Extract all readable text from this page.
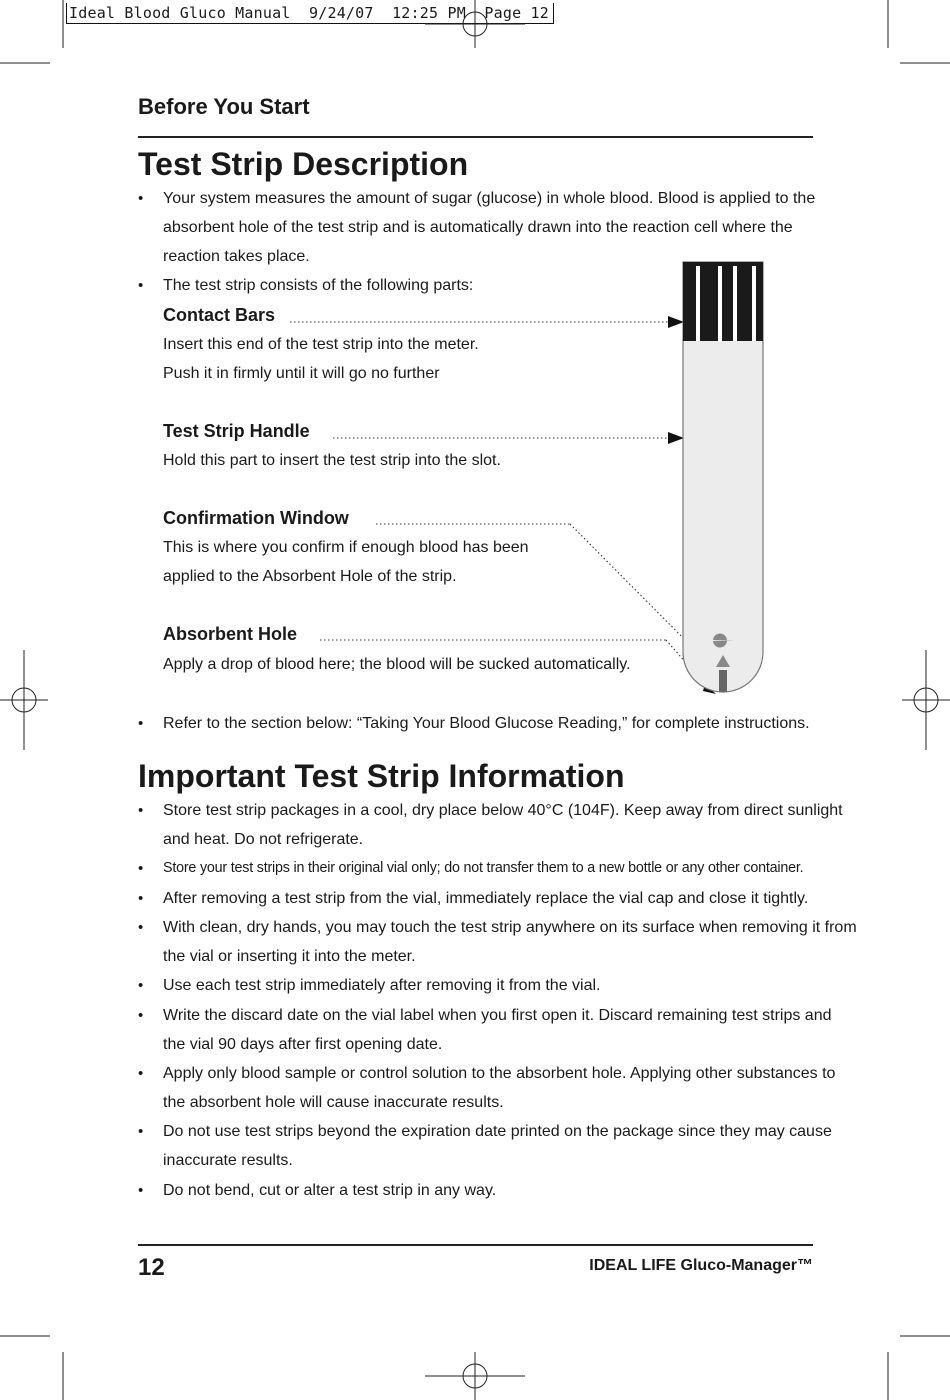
Ideal Blood Gluco Manual  9/24/07  12:25 PM  Page 12
Before You Start
Test Strip Description
• Your system measures the amount of sugar (glucose) in whole blood. Blood is applied to the
absorbent hole of the test strip and is automatically drawn into the reaction cell where the
reaction takes place.
• The test strip consists of the following parts:
Contact Bars
Insert this end of the test strip into the meter.
Push it in firmly until it will go no further
Test Strip Handle
Hold this part to insert the test strip into the slot.
Confirmation Window
This is where you confirm if enough blood has been
applied to the Absorbent Hole of the strip.
Absorbent Hole
Apply a drop of blood here; the blood will be sucked automatically.
• Refer to the section below: “Taking Your Blood Glucose Reading,” for complete instructions.
Important Test Strip Information
• Store test strip packages in a cool, dry place below 40°C (104F). Keep away from direct sunlight
and heat. Do not refrigerate.
• Store your test strips in their original vial only; do not transfer them to a new bottle or any other container.
• After removing a test strip from the vial, immediately replace the vial cap and close it tightly.
• With clean, dry hands, you may touch the test strip anywhere on its surface when removing it from
the vial or inserting it into the meter.
• Use each test strip immediately after removing it from the vial.
• Write the discard date on the vial label when you first open it. Discard remaining test strips and
the vial 90 days after first opening date.
• Apply only blood sample or control solution to the absorbent hole. Applying other substances to
the absorbent hole will cause inaccurate results.
• Do not use test strips beyond the expiration date printed on the package since they may cause
inaccurate results.
• Do not bend, cut or alter a test strip in any way.
12	IDEAL LIFE Gluco-Manager™
